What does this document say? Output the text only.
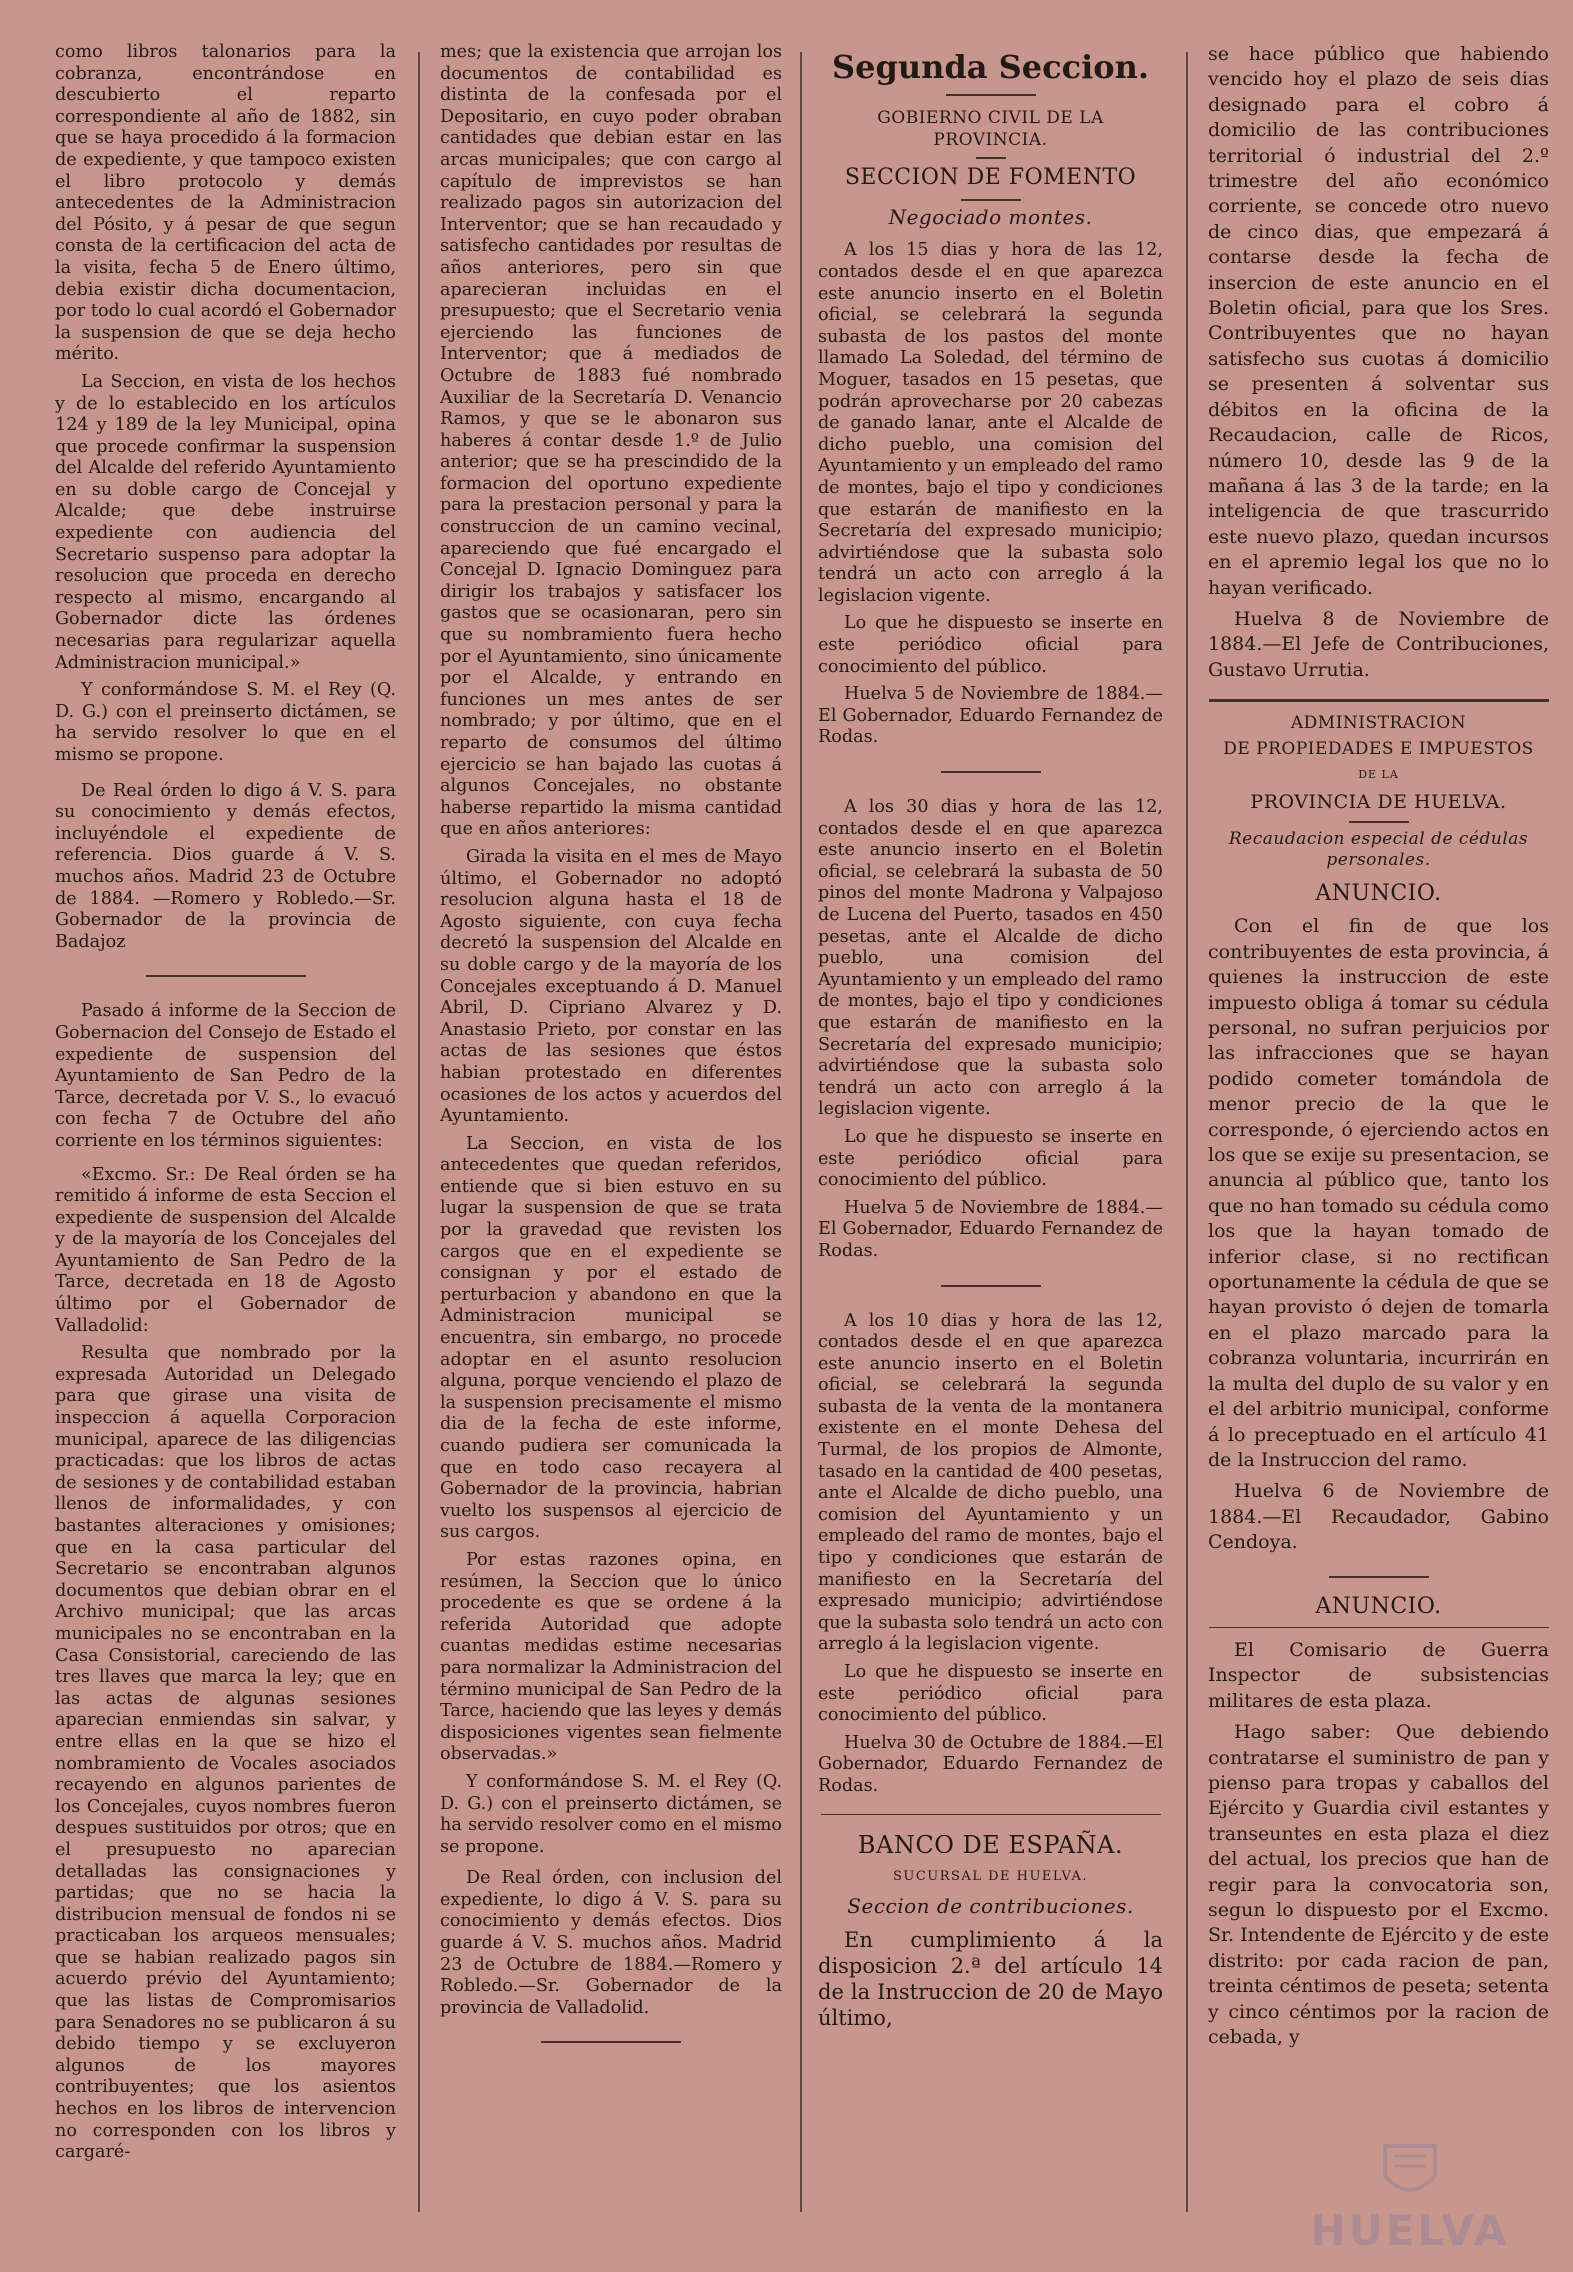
como libros talonarios para la cobranza, encontrándose en descubierto el reparto correspondiente al año de 1882, sin que se haya procedido á la formacion de expediente, y que tampoco existen el libro protocolo y demás antecedentes de la Administracion del Pósito, y á pesar de que segun consta de la certificacion del acta de la visita, fecha 5 de Enero último, debia existir dicha documentacion, por todo lo cual acordó el Gobernador la suspension de que se deja hecho mérito.

La Seccion, en vista de los hechos y de lo establecido en los artículos 124 y 189 de la ley Municipal, opina que procede confirmar la suspension del Alcalde del referido Ayuntamiento en su doble cargo de Concejal y Alcalde; que debe instruirse expediente con audiencia del Secretario suspenso para adoptar la resolucion que proceda en derecho respecto al mismo, encargando al Gobernador dicte las órdenes necesarias para regularizar aquella Administracion municipal.»

Y conformándose S. M. el Rey (Q. D. G.) con el preinserto dictámen, se ha servido resolver lo que en el mismo se propone.

De Real órden lo digo á V. S. para su conocimiento y demás efectos, incluyéndole el expediente de referencia. Dios guarde á V. S. muchos años. Madrid 23 de Octubre de 1884. —Romero y Robledo.—Sr. Gobernador de la provincia de Badajoz

Pasado á informe de la Seccion de Gobernacion del Consejo de Estado el expediente de suspension del Ayuntamiento de San Pedro de la Tarce, decretada por V. S., lo evacuó con fecha 7 de Octubre del año corriente en los términos siguientes:

«Excmo. Sr.: De Real órden se ha remitido á informe de esta Seccion el expediente de suspension del Alcalde y de la mayoría de los Concejales del Ayuntamiento de San Pedro de la Tarce, decretada en 18 de Agosto último por el Gobernador de Valladolid:

Resulta que nombrado por la expresada Autoridad un Delegado para que girase una visita de inspeccion á aquella Corporacion municipal, aparece de las diligencias practicadas: que los libros de actas de sesiones y de contabilidad estaban llenos de informalidades, y con bastantes alteraciones y omisiones; que en la casa particular del Secretario se encontraban algunos documentos que debian obrar en el Archivo municipal; que las arcas municipales no se encontraban en la Casa Consistorial, careciendo de las tres llaves que marca la ley; que en las actas de algunas sesiones aparecian enmiendas sin salvar, y entre ellas en la que se hizo el nombramiento de Vocales asociados recayendo en algunos parientes de los Concejales, cuyos nombres fueron despues sustituidos por otros; que en el presupuesto no aparecian detalladas las consignaciones y partidas; que no se hacia la distribucion mensual de fondos ni se practicaban los arqueos mensuales; que se habian realizado pagos sin acuerdo prévio del Ayuntamiento; que las listas de Compromisarios para Senadores no se publicaron á su debido tiempo y se excluyeron algunos de los mayores contribuyentes; que los asientos hechos en los libros de intervencion no corresponden con los libros y cargaré-

mes; que la existencia que arrojan los documentos de contabilidad es distinta de la confesada por el Depositario, en cuyo poder obraban cantidades que debian estar en las arcas municipales; que con cargo al capítulo de imprevistos se han realizado pagos sin autorizacion del Interventor; que se han recaudado y satisfecho cantidades por resultas de años anteriores, pero sin que aparecieran incluidas en el presupuesto; que el Secretario venia ejerciendo las funciones de Interventor; que á mediados de Octubre de 1883 fué nombrado Auxiliar de la Secretaría D. Venancio Ramos, y que se le abonaron sus haberes á contar desde 1.º de Julio anterior; que se ha prescindido de la formacion del oportuno expediente para la prestacion personal y para la construccion de un camino vecinal, apareciendo que fué encargado el Concejal D. Ignacio Dominguez para dirigir los trabajos y satisfacer los gastos que se ocasionaran, pero sin que su nombramiento fuera hecho por el Ayuntamiento, sino únicamente por el Alcalde, y entrando en funciones un mes antes de ser nombrado; y por último, que en el reparto de consumos del último ejercicio se han bajado las cuotas á algunos Concejales, no obstante haberse repartido la misma cantidad que en años anteriores:

Girada la visita en el mes de Mayo último, el Gobernador no adoptó resolucion alguna hasta el 18 de Agosto siguiente, con cuya fecha decretó la suspension del Alcalde en su doble cargo y de la mayoría de los Concejales exceptuando á D. Manuel Abril, D. Cipriano Alvarez y D. Anastasio Prieto, por constar en las actas de las sesiones que éstos habian protestado en diferentes ocasiones de los actos y acuerdos del Ayuntamiento.

La Seccion, en vista de los antecedentes que quedan referidos, entiende que si bien estuvo en su lugar la suspension de que se trata por la gravedad que revisten los cargos que en el expediente se consignan y por el estado de perturbacion y abandono en que la Administracion municipal se encuentra, sin embargo, no procede adoptar en el asunto resolucion alguna, porque venciendo el plazo de la suspension precisamente el mismo dia de la fecha de este informe, cuando pudiera ser comunicada la que en todo caso recayera al Gobernador de la provincia, habrian vuelto los suspensos al ejercicio de sus cargos.

Por estas razones opina, en resúmen, la Seccion que lo único procedente es que se ordene á la referida Autoridad que adopte cuantas medidas estime necesarias para normalizar la Administracion del término municipal de San Pedro de la Tarce, haciendo que las leyes y demás disposiciones vigentes sean fielmente observadas.»

Y conformándose S. M. el Rey (Q. D. G.) con el preinserto dictámen, se ha servido resolver como en el mismo se propone.

De Real órden, con inclusion del expediente, lo digo á V. S. para su conocimiento y demás efectos. Dios guarde á V. S. muchos años. Madrid 23 de Octubre de 1884.—Romero y Robledo.—Sr. Gobernador de la provincia de Valladolid.

Segunda Seccion.
GOBIERNO CIVIL DE LA PROVINCIA.
SECCION DE FOMENTO
Negociado montes.

A los 15 dias y hora de las 12, contados desde el en que aparezca este anuncio inserto en el Boletin oficial, se celebrará la segunda subasta de los pastos del monte llamado La Soledad, del término de Moguer, tasados en 15 pesetas, que podrán aprovecharse por 20 cabezas de ganado lanar, ante el Alcalde de dicho pueblo, una comision del Ayuntamiento y un empleado del ramo de montes, bajo el tipo y condiciones que estarán de manifiesto en la Secretaría del expresado municipio; advirtiéndose que la subasta solo tendrá un acto con arreglo á la legislacion vigente.

Lo que he dispuesto se inserte en este periódico oficial para conocimiento del público.

Huelva 5 de Noviembre de 1884.—El Gobernador, Eduardo Fernandez de Rodas.

A los 30 dias y hora de las 12, contados desde el en que aparezca este anuncio inserto en el Boletin oficial, se celebrará la subasta de 50 pinos del monte Madrona y Valpajoso de Lucena del Puerto, tasados en 450 pesetas, ante el Alcalde de dicho pueblo, una comision del Ayuntamiento y un empleado del ramo de montes, bajo el tipo y condiciones que estarán de manifiesto en la Secretaría del expresado municipio; advirtiéndose que la subasta solo tendrá un acto con arreglo á la legislacion vigente.

Lo que he dispuesto se inserte en este periódico oficial para conocimiento del público.

Huelva 5 de Noviembre de 1884.—El Gobernador, Eduardo Fernandez de Rodas.

A los 10 dias y hora de las 12, contados desde el en que aparezca este anuncio inserto en el Boletin oficial, se celebrará la segunda subasta de la venta de la montanera existente en el monte Dehesa del Turmal, de los propios de Almonte, tasado en la cantidad de 400 pesetas, ante el Alcalde de dicho pueblo, una comision del Ayuntamiento y un empleado del ramo de montes, bajo el tipo y condiciones que estarán de manifiesto en la Secretaría del expresado municipio; advirtiéndose que la subasta solo tendrá un acto con arreglo á la legislacion vigente.

Lo que he dispuesto se inserte en este periódico oficial para conocimiento del público.

Huelva 30 de Octubre de 1884.—El Gobernador, Eduardo Fernandez de Rodas.

BANCO DE ESPAÑA.
SUCURSAL DE HUELVA.
Seccion de contribuciones.

En cumplimiento á la disposicion 2.ª del artículo 14 de la Instruccion de 20 de Mayo último,

se hace público que habiendo vencido hoy el plazo de seis dias designado para el cobro á domicilio de las contribuciones territorial ó industrial del 2.º trimestre del año económico corriente, se concede otro nuevo de cinco dias, que empezará á contarse desde la fecha de insercion de este anuncio en el Boletin oficial, para que los Sres. Contribuyentes que no hayan satisfecho sus cuotas á domicilio se presenten á solventar sus débitos en la oficina de la Recaudacion, calle de Ricos, número 10, desde las 9 de la mañana á las 3 de la tarde; en la inteligencia de que trascurrido este nuevo plazo, quedan incursos en el apremio legal los que no lo hayan verificado.

Huelva 8 de Noviembre de 1884.—El Jefe de Contribuciones, Gustavo Urrutia.

ADMINISTRACION
DE PROPIEDADES E IMPUESTOS
DE LA
PROVINCIA DE HUELVA.
Recaudacion especial de cédulas personales.
ANUNCIO.

Con el fin de que los contribuyentes de esta provincia, á quienes la instruccion de este impuesto obliga á tomar su cédula personal, no sufran perjuicios por las infracciones que se hayan podido cometer tomándola de menor precio de la que le corresponde, ó ejerciendo actos en los que se exije su presentacion, se anuncia al público que, tanto los que no han tomado su cédula como los que la hayan tomado de inferior clase, si no rectifican oportunamente la cédula de que se hayan provisto ó dejen de tomarla en el plazo marcado para la cobranza voluntaria, incurrirán en la multa del duplo de su valor y en el del arbitrio municipal, conforme á lo preceptuado en el artículo 41 de la Instruccion del ramo.

Huelva 6 de Noviembre de 1884.—El Recaudador, Gabino Cendoya.

ANUNCIO.

El Comisario de Guerra Inspector de subsistencias militares de esta plaza.

Hago saber: Que debiendo contratarse el suministro de pan y pienso para tropas y caballos del Ejército y Guardia civil estantes y transeuntes en esta plaza el diez del actual, los precios que han de regir para la convocatoria son, segun lo dispuesto por el Excmo. Sr. Intendente de Ejército y de este distrito: por cada racion de pan, treinta céntimos de peseta; setenta y cinco céntimos por la racion de cebada, y

HUELVA
